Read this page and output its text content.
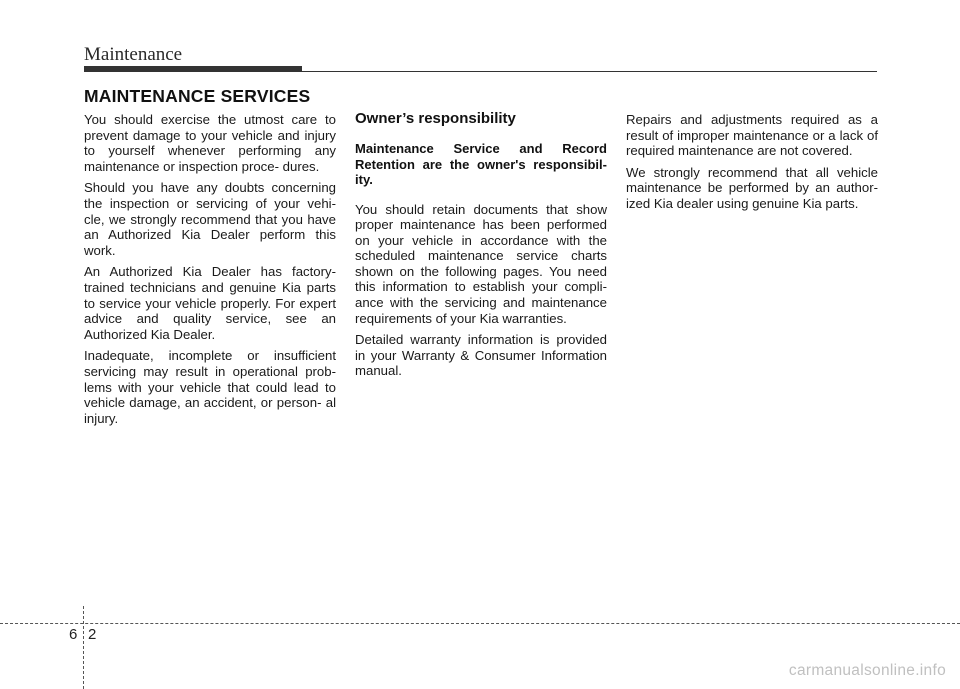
Maintenance
MAINTENANCE SERVICES

You should exercise the utmost care to prevent damage to your vehicle and injury to yourself whenever performing any maintenance or inspection proce- dures.

Should you have any doubts concerning the inspection or servicing of your vehi- cle, we strongly recommend that you have an Authorized Kia Dealer perform this work.

An Authorized Kia Dealer has factory- trained technicians and genuine Kia parts to service your vehicle properly. For expert advice and quality service, see an Authorized Kia Dealer.

Inadequate, incomplete or insufficient servicing may result in operational prob- lems with your vehicle that could lead to vehicle damage, an accident, or person- al injury.

Owner’s responsibility
Maintenance Service and Record Retention are the owner's responsibil- ity.

You should retain documents that show proper maintenance has been performed on your vehicle in accordance with the scheduled maintenance service charts shown on the following pages. You need this information to establish your compli- ance with the servicing and maintenance requirements of your Kia warranties.

Detailed warranty information is provided in your Warranty & Consumer Information manual.

Repairs and adjustments required as a result of improper maintenance or a lack of required maintenance are not covered.

We strongly recommend that all vehicle maintenance be performed by an author- ized Kia dealer using genuine Kia parts.

6 2
carmanualsonline.info
